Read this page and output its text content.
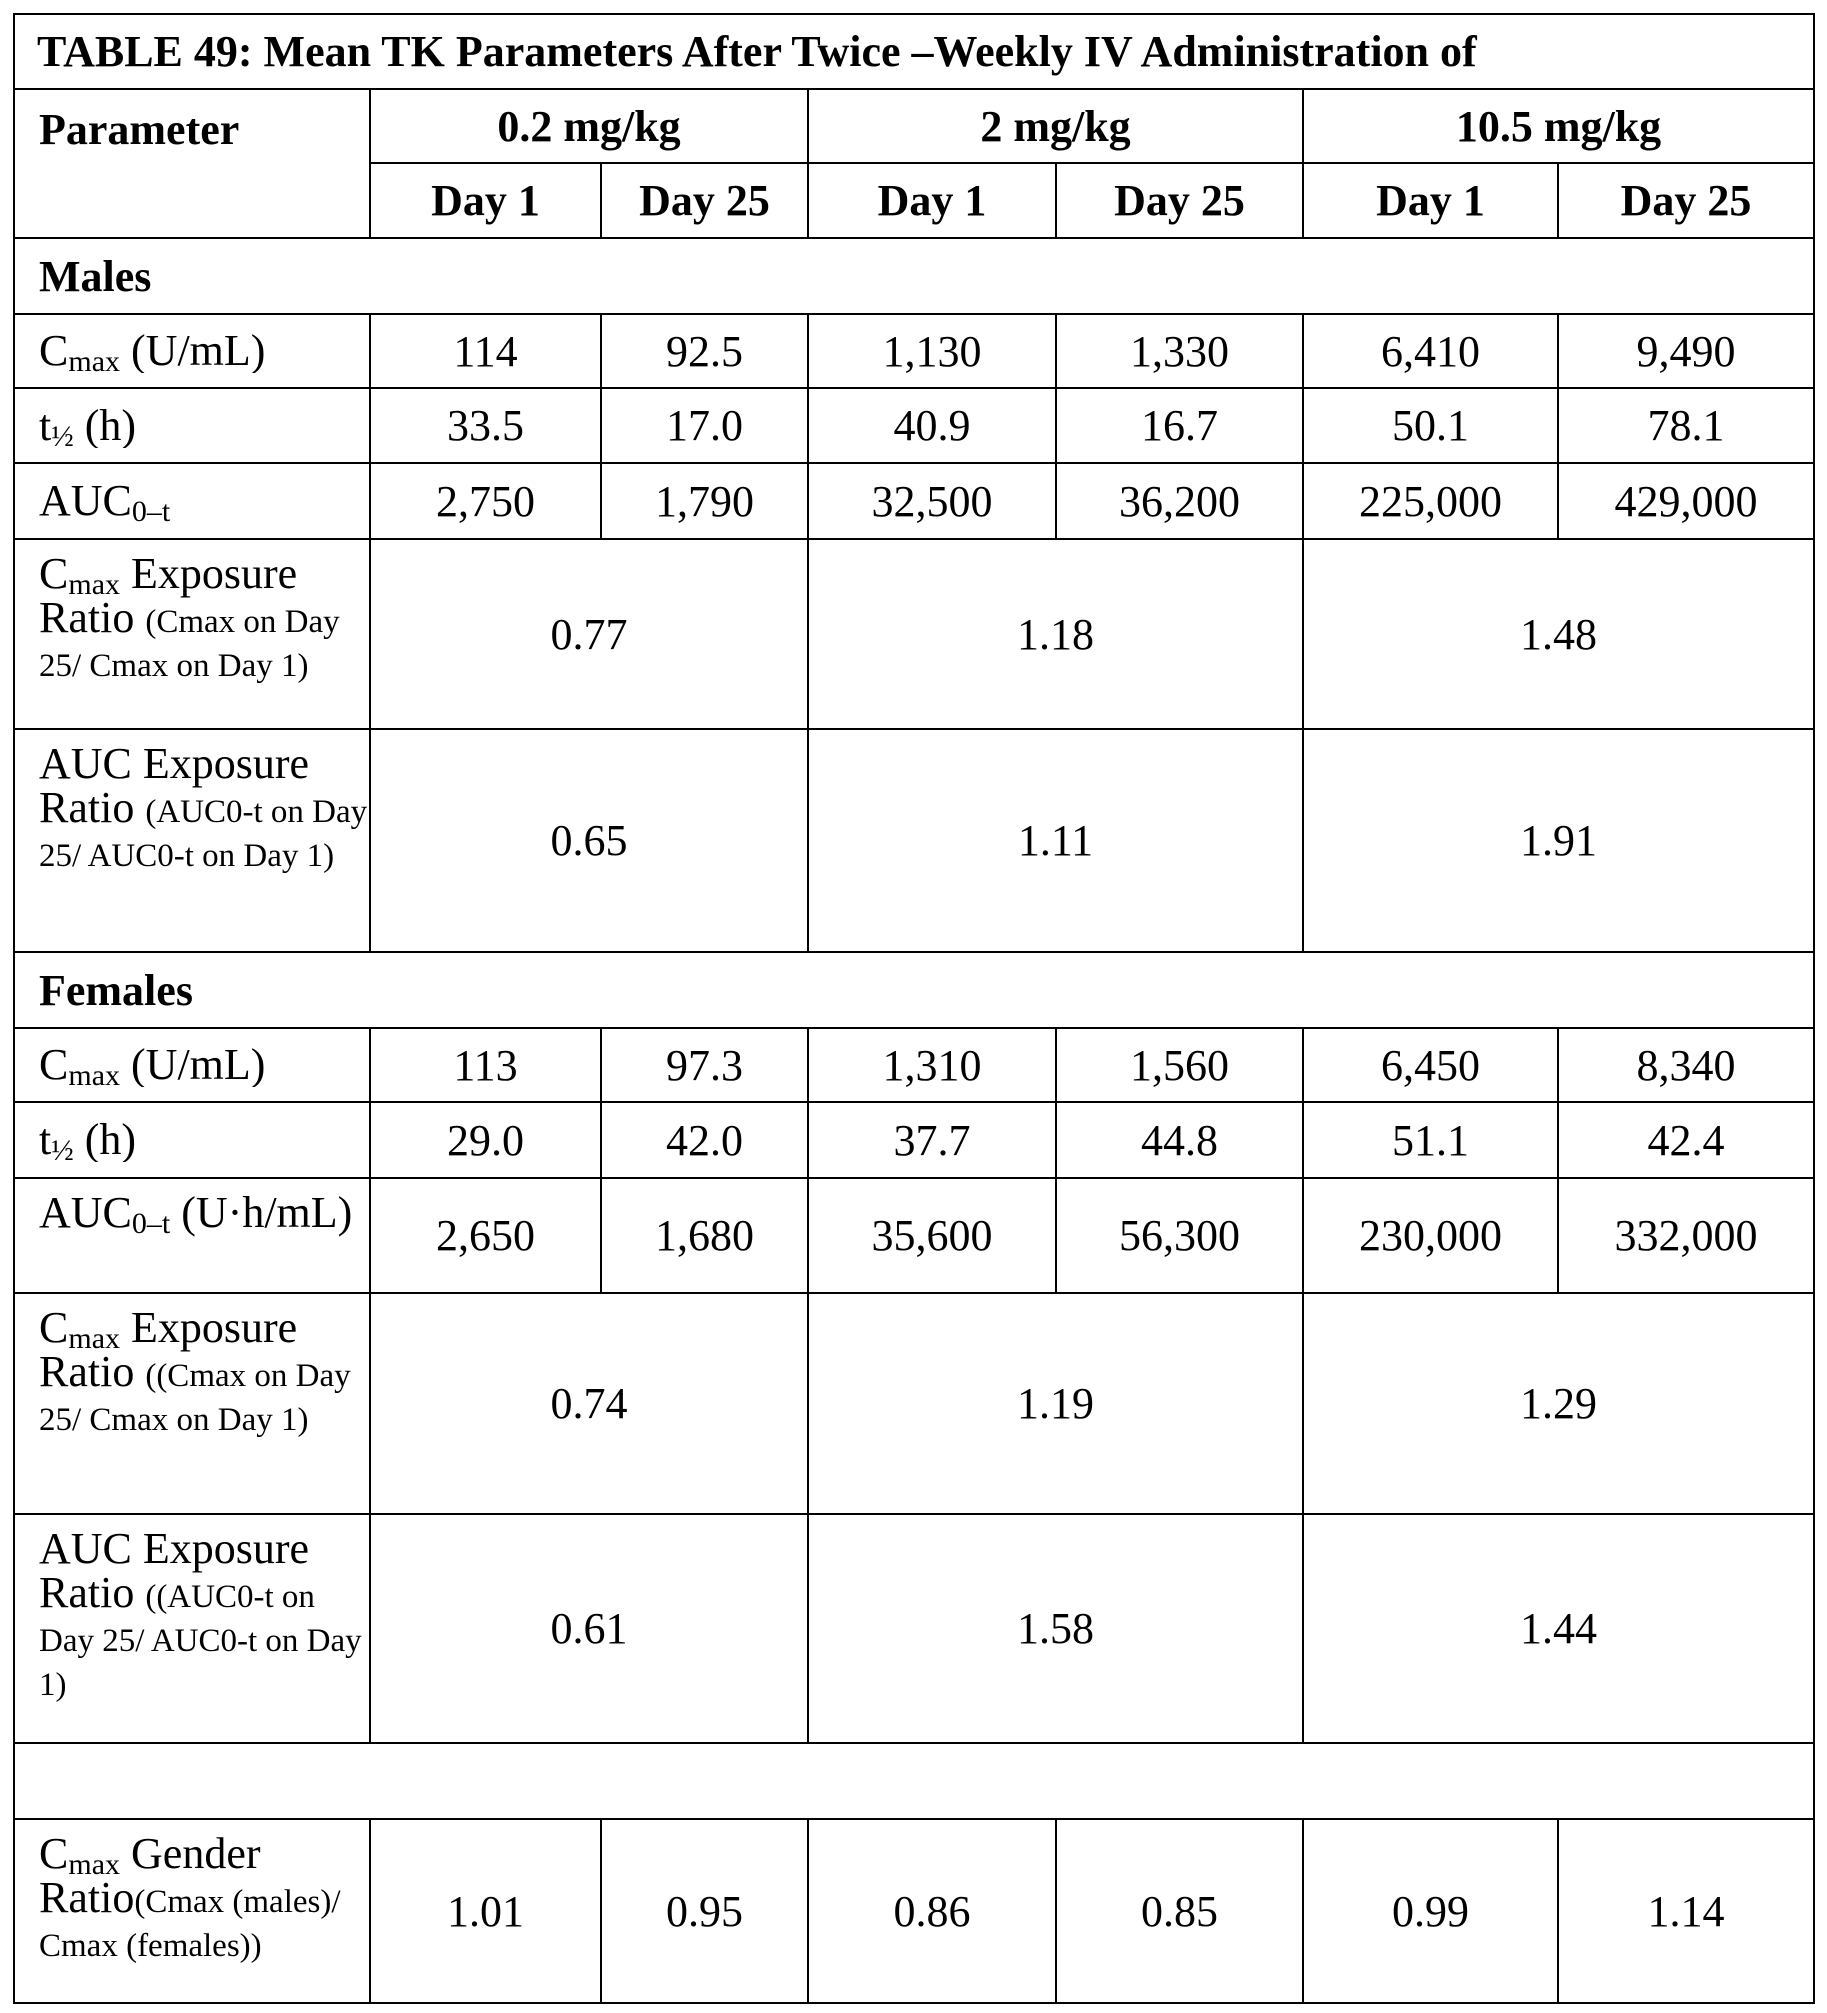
TABLE 49: Mean TK Parameters After Twice –Weekly IV Administration of
Parameter	0.2 mg/kg	2 mg/kg	10.5 mg/kg
Day 1	Day 25	Day 1	Day 25	Day 1	Day 25
Males

Cmax (U/mL)	114	92.5	1,130	1,330	6,410	9,490

t½ (h)	33.5	17.0	40.9	16.7	50.1	78.1

AUC0–t	2,750	1,790	32,500	36,200	225,000	429,000

Cmax Exposure Ratio (Cmax on Day 25/ Cmax on Day 1)
	0.77	1.18	1.48

AUC Exposure Ratio (AUC0-t on Day 25/ AUC0-t on Day 1)	0.65	1.11	1.91
Females

Cmax (U/mL)	113	97.3	1,310	1,560	6,450	8,340

t½ (h)	29.0	42.0	37.7	44.8	51.1	42.4

AUC0–t (U·h/mL)	2,650	1,680	35,600	56,300	230,000	332,000

Cmax Exposure Ratio ((Cmax on Day 25/ Cmax on Day 1)	0.74	1.19	1.29

AUC Exposure Ratio ((AUC0-t on Day 25/ AUC0-t on Day 1)
	0.61	1.58	1.44

Cmax Gender Ratio(Cmax (males)/ Cmax (females))
	1.01	0.95	0.86	0.85	0.99	1.14
